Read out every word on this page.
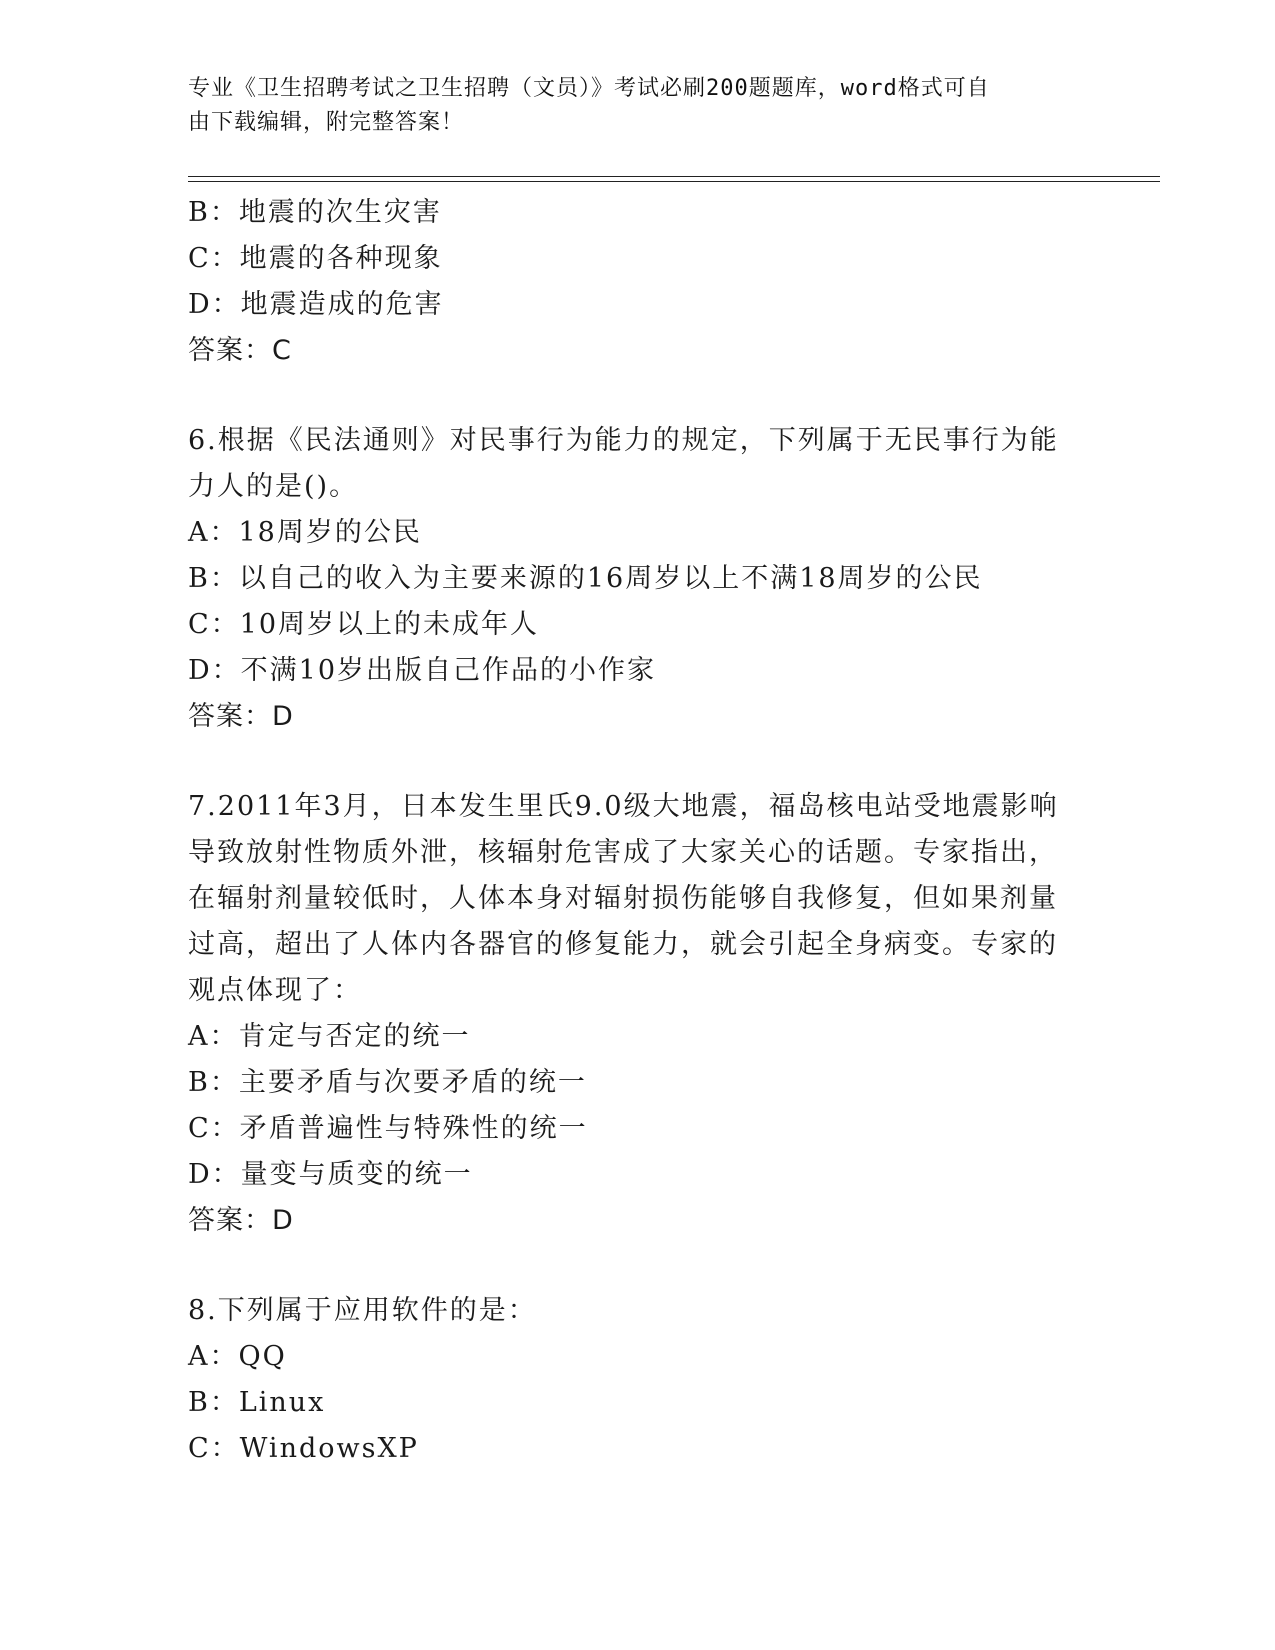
专业《卫生招聘考试之卫生招聘（文员）》考试必刷200题题库，word格式可自
由下载编辑，附完整答案！
B：地震的次生灾害
C：地震的各种现象
D：地震造成的危害
答案：C
6.根据《民法通则》对民事行为能力的规定，下列属于无民事行为能
力人的是()。
A：18周岁的公民
B：以自己的收入为主要来源的16周岁以上不满18周岁的公民
C：10周岁以上的未成年人
D：不满10岁出版自己作品的小作家
答案：D
7.2011年3月，日本发生里氏9.0级大地震，福岛核电站受地震影响
导致放射性物质外泄，核辐射危害成了大家关心的话题。专家指出，
在辐射剂量较低时，人体本身对辐射损伤能够自我修复，但如果剂量
过高，超出了人体内各器官的修复能力，就会引起全身病变。专家的
观点体现了：
A：肯定与否定的统一
B：主要矛盾与次要矛盾的统一
C：矛盾普遍性与特殊性的统一
D：量变与质变的统一
答案：D
8.下列属于应用软件的是：
A：QQ
B：Linux
C：WindowsXP
